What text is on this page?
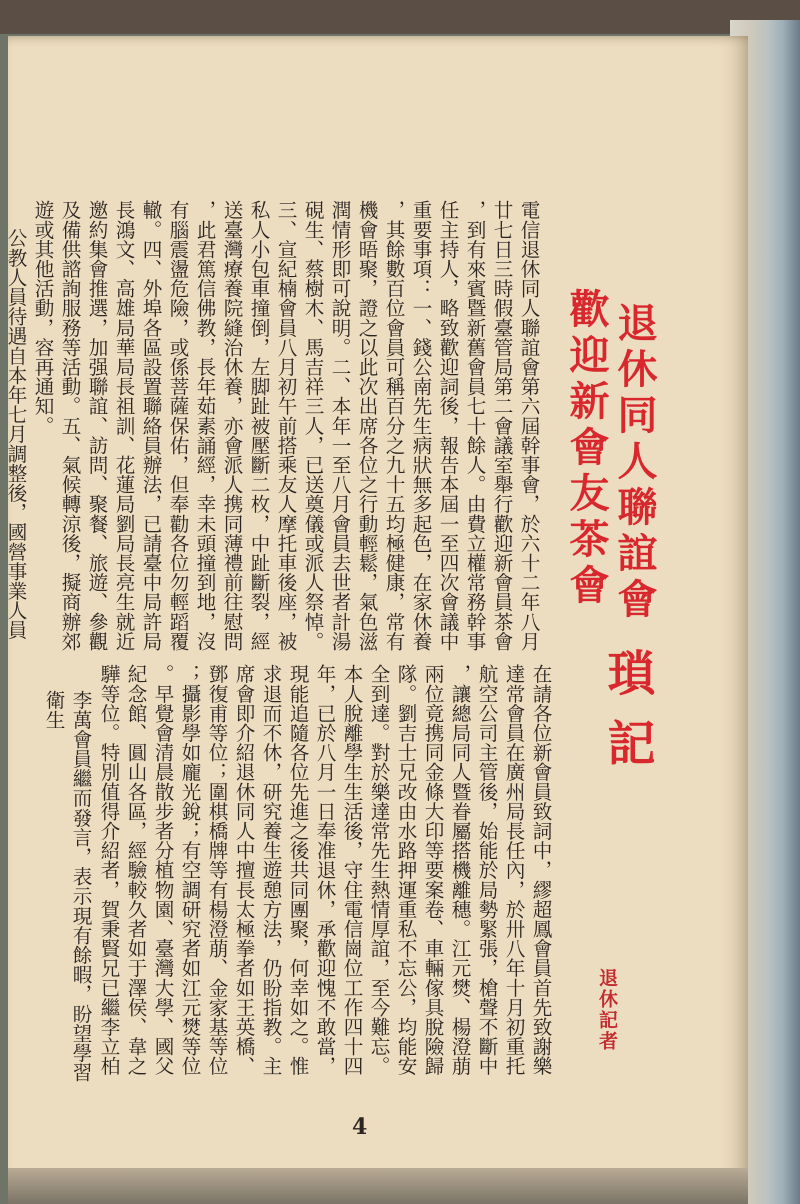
退休同人聯誼會
歡迎新會友茶會
瑣記
電信退休同人聯誼會第六屆幹事會，於六十二年八月廿七日三時假臺管局第二會議室舉行歡迎新會員茶會，到有來賓暨新舊會員七十餘人。由費立權常務幹事任主持人，略致歡迎詞後，報告本屆一至四次會議中重要事項：一、錢公南先生病狀無多起色，在家休養，其餘數百位會員可稱百分之九十五均極健康，常有機會晤聚，證之以此次出席各位之行動輕鬆，氣色滋潤情形即可說明。二、本年一至八月會員去世者計湯硯生、蔡樹木、馬吉祥三人，已送奠儀或派人祭悼。三、宣紀楠會員八月初午前搭乘友人摩托車後座，被私人小包車撞倒，左脚趾被壓斷二枚，中趾斷裂，經送臺灣療養院縫治休養，亦會派人携同薄禮前往慰問，此君篤信佛教，長年茹素誦經，幸未頭撞到地，沒有腦震盪危險，或係菩薩保佑，但奉勸各位勿輕蹈覆轍。四、外埠各區設置聯絡員辦法，已請臺中局許局長鴻文、高雄局華局長祖訓、花蓮局劉局長亮生就近邀約集會推選，加强聯誼、訪問、聚餐、旅遊、參觀及備供諮詢服務等活動。五、氣候轉涼後，擬商辦郊遊或其他活動，容再通知。
公教人員待遇自本年七月調整後，國營事業人員
在請各位新會員致詞中，繆超鳳會員首先致謝樂達常會員在廣州局長任內，於卅八年十月初重托航空公司主管後，始能於局勢緊張，槍聲不斷中，讓總局同人暨眷屬搭機離穗。江元燓、楊澄萠兩位竟携同金條大印等要案卷、車輛傢具脫險歸隊。劉吉士兄改由水路押運重私不忘公，均能安全到達。對於樂達常先生熱情厚誼，至今難忘。本人脫離學生生活後，守住電信崗位工作四十四年，已於八月一日奉准退休，承歡迎愧不敢當，現能追隨各位先進之後共同團聚，何幸如之。惟求退而不休，研究養生遊憩方法，仍盼指教。主席會即介紹退休同人中擅長太極拳者如王英橋、鄧復甫等位；圍棋橋牌等有楊澄萠、金家基等位；攝影學如龐光銳；有空調研究者如江元燓等位。早覺會清晨散步者分植物園、臺灣大學、國父紀念館、圓山各區，經驗較久者如于澤侯、韋之驊等位。特別值得介紹者，賀秉賢兄已繼李立柏
李萬會員繼而發言，表示現有餘暇，盼望學習衛生
退休記者
4
